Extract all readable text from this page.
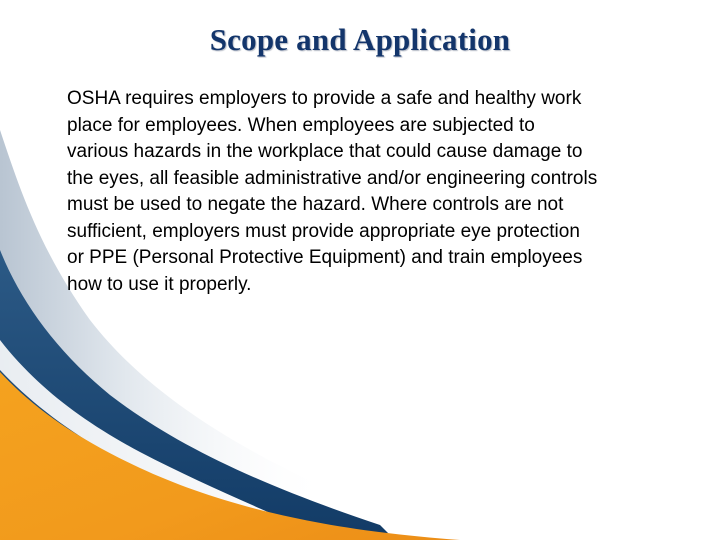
Scope and Application

OSHA requires employers to provide a safe and healthy work
place for employees. When employees are subjected to
various hazards in the workplace that could cause damage to
the eyes, all feasible administrative and/or engineering controls
must be used to negate the hazard. Where controls are not
sufficient, employers must provide appropriate eye protection
or PPE (Personal Protective Equipment) and train employees
how to use it properly.
